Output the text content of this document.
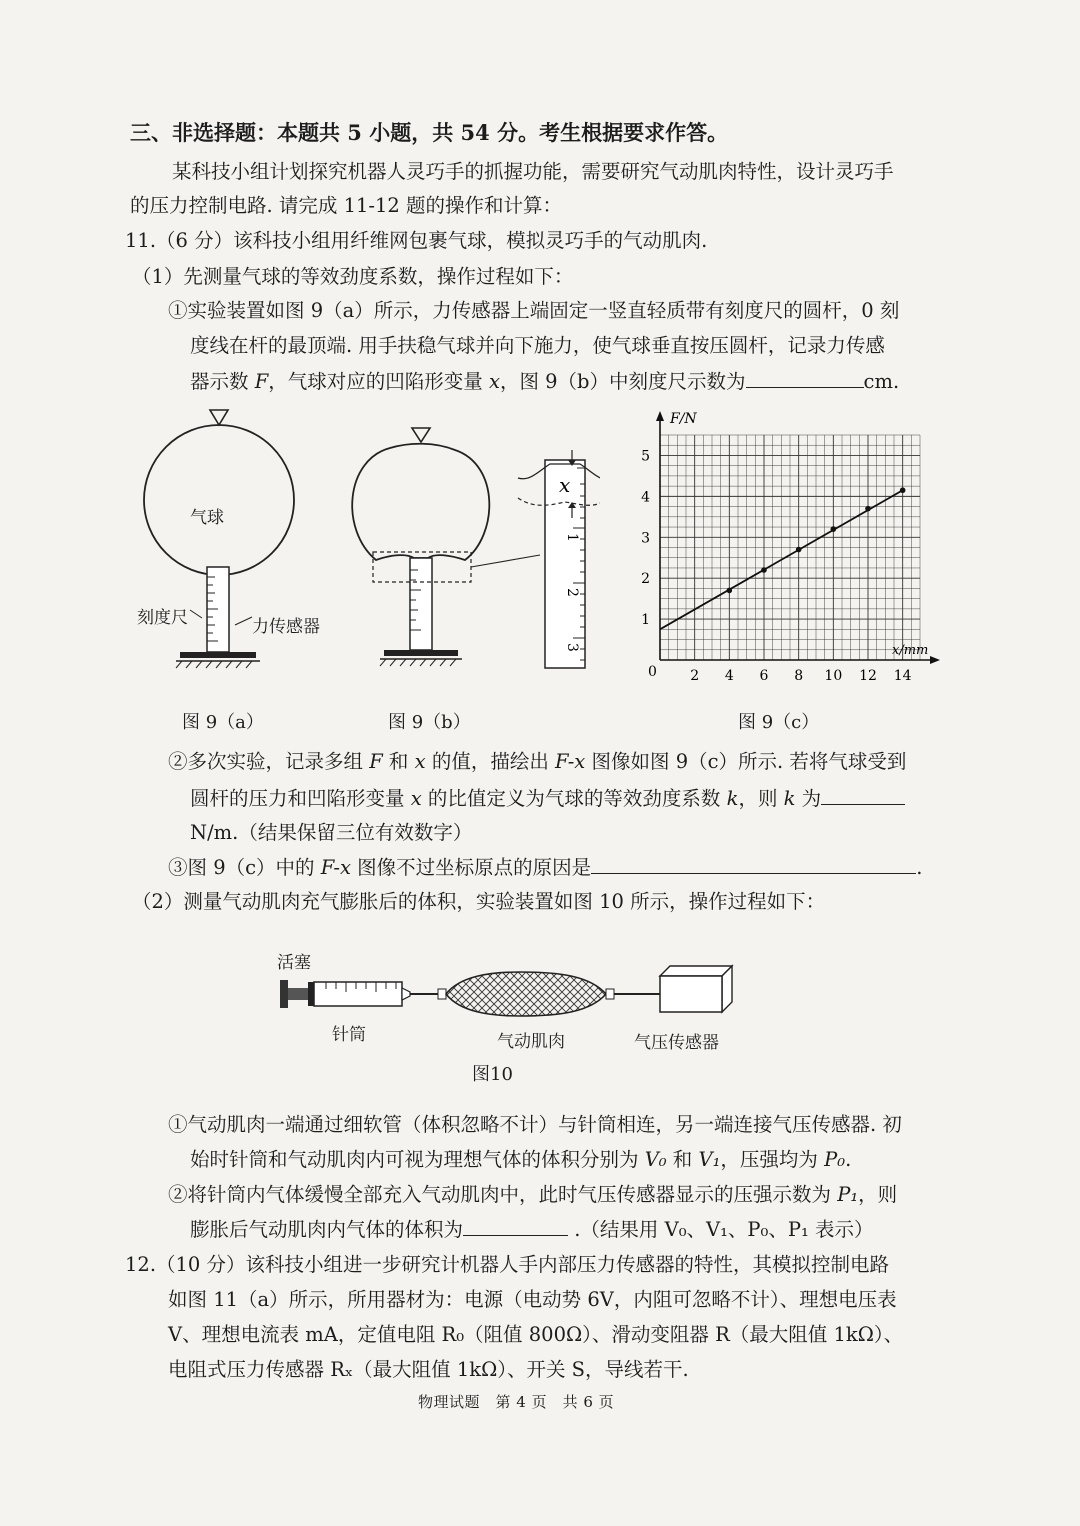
三、非选择题：本题共 5 小题，共 54 分。考生根据要求作答。
某科技小组计划探究机器人灵巧手的抓握功能，需要研究气动肌肉特性，设计灵巧手
的压力控制电路. 请完成 11-12 题的操作和计算：
11.（6 分）该科技小组用纤维网包裹气球，模拟灵巧手的气动肌肉.
（1）先测量气球的等效劲度系数，操作过程如下：
①实验装置如图 9（a）所示，力传感器上端固定一竖直轻质带有刻度尺的圆杆，0 刻
度线在杆的最顶端. 用手扶稳气球并向下施力，使气球垂直按压圆杆，记录力传感
器示数 F，气球对应的凹陷形变量 x，图 9（b）中刻度尺示数为	cm.
气球
刻度尺	力传感器
图 9（a）
x
1
2
3
图 9（b）
F/N
x/mm
0 2 4 6 8 10 12 14
1
2
3
4
5
图 9（c）
②多次实验，记录多组 F 和 x 的值，描绘出 F-x 图像如图 9（c）所示. 若将气球受到
圆杆的压力和凹陷形变量 x 的比值定义为气球的等效劲度系数 k，则 k 为
N/m.（结果保留三位有效数字）
③图 9（c）中的 F-x 图像不过坐标原点的原因是	.
（2）测量气动肌肉充气膨胀后的体积，实验装置如图 10 所示，操作过程如下：
活塞
针筒	气动肌肉	气压传感器
图10
①气动肌肉一端通过细软管（体积忽略不计）与针筒相连，另一端连接气压传感器. 初
始时针筒和气动肌肉内可视为理想气体的体积分别为 V₀ 和 V₁，压强均为 P₀.
②将针筒内气体缓慢全部充入气动肌肉中，此时气压传感器显示的压强示数为 P₁，则
膨胀后气动肌肉内气体的体积为	.（结果用 V₀、V₁、P₀、P₁ 表示）
12.（10 分）该科技小组进一步研究计机器人手内部压力传感器的特性，其模拟控制电路
如图 11（a）所示，所用器材为：电源（电动势 6V，内阻可忽略不计）、理想电压表
V、理想电流表 mA，定值电阻 R₀（阻值 800Ω）、滑动变阻器 R（最大阻值 1kΩ）、
电阻式压力传感器 Rₓ（最大阻值 1kΩ）、开关 S，导线若干.
物理试题　第 4 页　共 6 页
